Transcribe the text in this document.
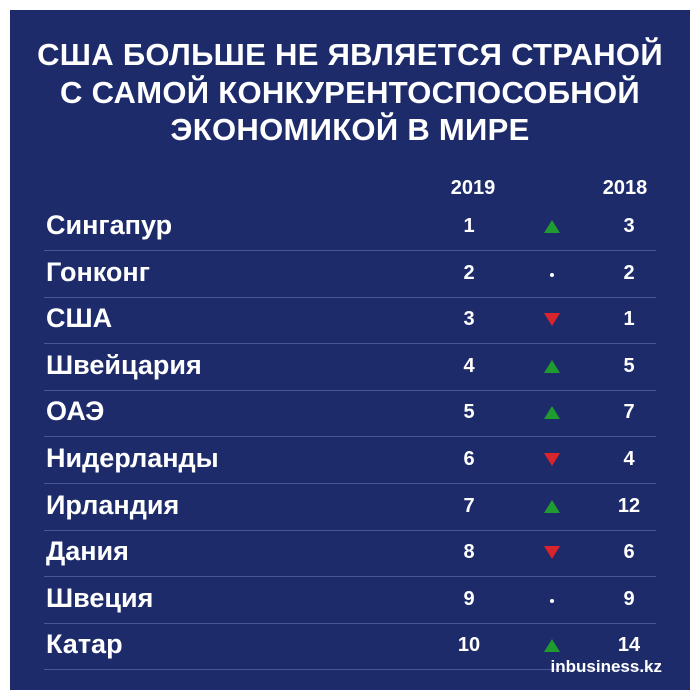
США БОЛЬШЕ НЕ ЯВЛЯЕТСЯ СТРАНОЙ
С САМОЙ КОНКУРЕНТОСПОСОБНОЙ
ЭКОНОМИКОЙ В МИРЕ
2019	2018
Сингапур	1	3
Гонконг	2	2
США	3	1
Швейцария	4	5
ОАЭ	5	7
Нидерланды	6	4
Ирландия	7	12
Дания	8	6
Швеция	9	9
Катар	10	14
inbusiness.kz
